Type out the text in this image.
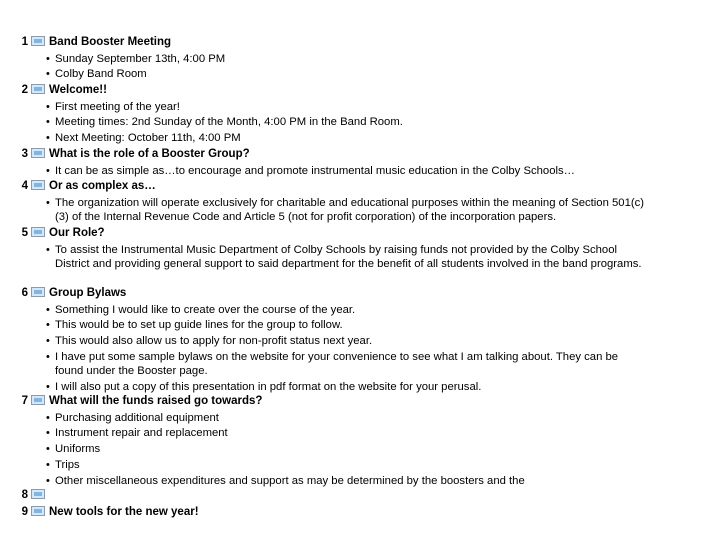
1 Band Booster Meeting
• Sunday September 13th, 4:00 PM
• Colby Band Room
2 Welcome!!
• First meeting of the year!
• Meeting times: 2nd Sunday of the Month, 4:00 PM in the Band Room.
• Next Meeting: October 11th, 4:00 PM
3 What is the role of a Booster Group?
• It can be as simple as…to encourage and promote instrumental music education in the Colby Schools…
4 Or as complex as…
• The organization will operate exclusively for charitable and educational purposes within the meaning of Section 501(c)(3) of the Internal Revenue Code and Article 5 (not for profit corporation) of the incorporation papers.
5 Our Role?
• To assist the Instrumental Music Department of Colby Schools by raising funds not provided by the Colby School District and providing general support to said department for the benefit of all students involved in the band programs.
6 Group Bylaws
• Something I would like to create over the course of the year.
• This would be to set up guide lines for the group to follow.
• This would also allow us to apply for non-profit status next year.
• I have put some sample bylaws on the website for your convenience to see what I am talking about. They can be found under the Booster page.
• I will also put a copy of this presentation in pdf format on the website for your perusal.
7 What will the funds raised go towards?
• Purchasing additional equipment
• Instrument repair and replacement
• Uniforms
• Trips
• Other miscellaneous expenditures and support as may be determined by the boosters and the
8
9 New tools for the new year!
